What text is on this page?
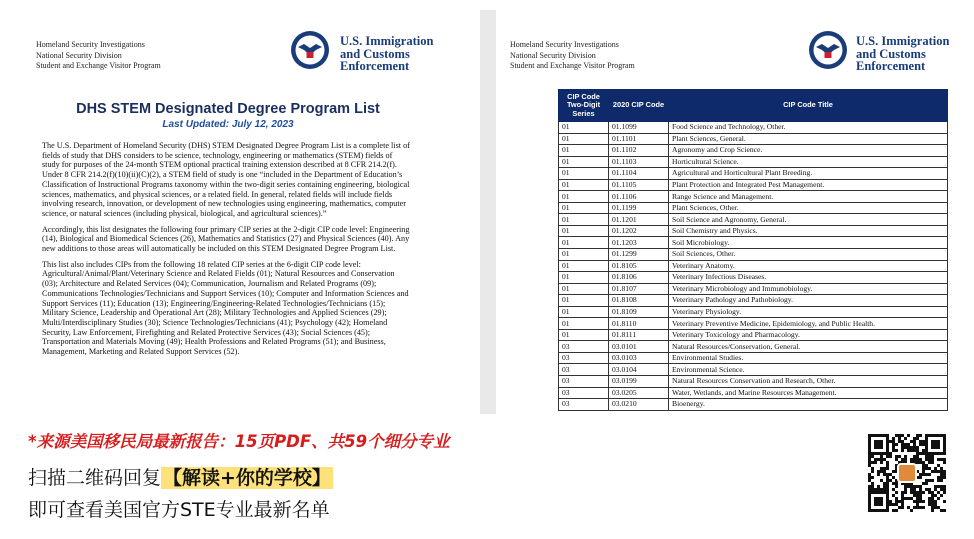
Homeland Security Investigations
National Security Division
Student and Exchange Visitor Program
U.S. Immigration
and Customs
Enforcement
DHS STEM Designated Degree Program List
Last Updated: July 12, 2023

The U.S. Department of Homeland Security (DHS) STEM Designated Degree Program List is a complete list of fields of study that DHS considers to be science, technology, engineering or mathematics (STEM) fields of study for purposes of the 24-month STEM optional practical training extension described at 8 CFR 214.2(f). Under 8 CFR 214.2(f)(10)(ii)(C)(2), a STEM field of study is one “included in the Department of Education’s Classification of Instructional Programs taxonomy within the two-digit series containing engineering, biological sciences, mathematics, and physical sciences, or a related field. In general, related fields will include fields involving research, innovation, or development of new technologies using engineering, mathematics, computer science, or natural sciences (including physical, biological, and agricultural sciences).”

Accordingly, this list designates the following four primary CIP series at the 2-digit CIP code level: Engineering (14), Biological and Biomedical Sciences (26), Mathematics and Statistics (27) and Physical Sciences (40). Any new additions to those areas will automatically be included on this STEM Designated Degree Program List.

This list also includes CIPs from the following 18 related CIP series at the 6-digit CIP code level: Agricultural/Animal/Plant/Veterinary Science and Related Fields (01); Natural Resources and Conservation (03); Architecture and Related Services (04); Communication, Journalism and Related Programs (09); Communications Technologies/Technicians and Support Services (10); Computer and Information Sciences and Support Services (11); Education (13); Engineering/Engineering-Related Technologies/Technicians (15); Military Science, Leadership and Operational Art (28); Military Technologies and Applied Sciences (29); Multi/Interdisciplinary Studies (30); Science Technologies/Technicians (41); Psychology (42); Homeland Security, Law Enforcement, Firefighting and Related Protective Services (43); Social Sciences (45); Transportation and Materials Moving (49); Health Professions and Related Programs (51); and Business, Management, Marketing and Related Support Services (52).

Homeland Security Investigations
National Security Division
Student and Exchange Visitor Program
U.S. Immigration
and Customs
Enforcement
CIP Code Two-Digit Series	2020 CIP Code	CIP Code Title
01	01.1099	Food Science and Technology, Other.
01	01.1101	Plant Sciences, General.
01	01.1102	Agronomy and Crop Science.
01	01.1103	Horticultural Science.
01	01.1104	Agricultural and Horticultural Plant Breeding.
01	01.1105	Plant Protection and Integrated Pest Management.
01	01.1106	Range Science and Management.
01	01.1199	Plant Sciences, Other.
01	01.1201	Soil Science and Agronomy, General.
01	01.1202	Soil Chemistry and Physics.
01	01.1203	Soil Microbiology.
01	01.1299	Soil Sciences, Other.
01	01.8105	Veterinary Anatomy.
01	01.8106	Veterinary Infectious Diseases.
01	01.8107	Veterinary Microbiology and Immunobiology.
01	01.8108	Veterinary Pathology and Pathobiology.
01	01.8109	Veterinary Physiology.
01	01.8110	Veterinary Preventive Medicine, Epidemiology, and Public Health.
01	01.8111	Veterinary Toxicology and Pharmacology.
03	03.0101	Natural Resources/Conservation, General.
03	03.0103	Environmental Studies.
03	03.0104	Environmental Science.
03	03.0199	Natural Resources Conservation and Research, Other.
03	03.0205	Water, Wetlands, and Marine Resources Management.
03	03.0210	Bioenergy.
*来源美国移民局最新报告：15页PDF、共59个细分专业
扫描二维码回复 【解读+你的学校】
即可查看美国官方STE专业最新名单
